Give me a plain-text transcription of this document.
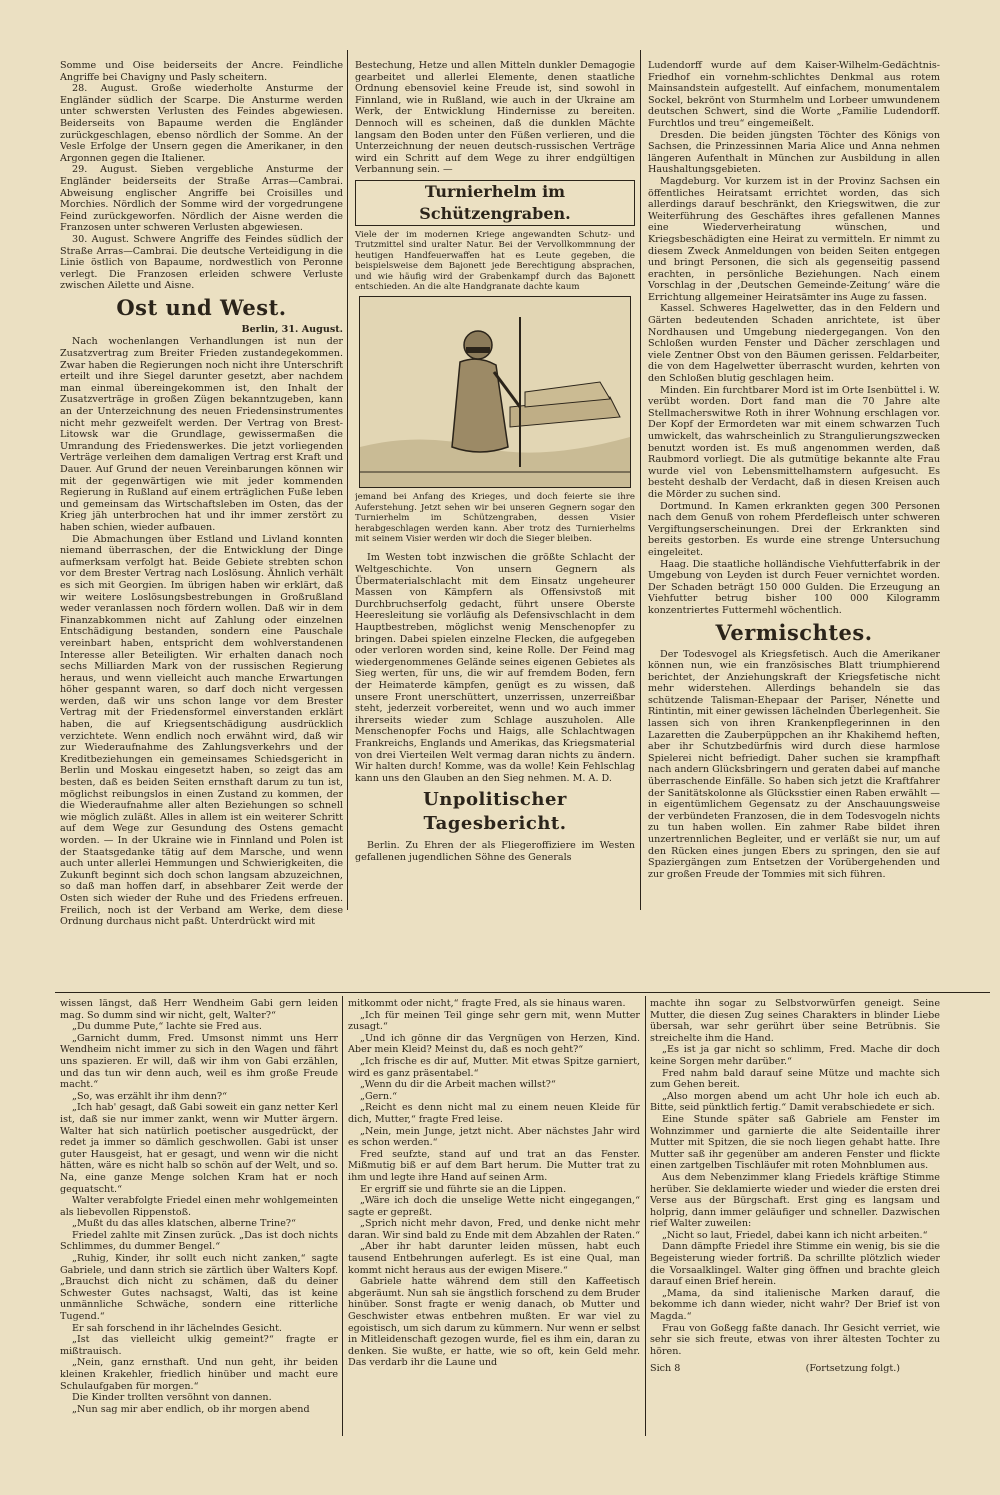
Somme und Oise beiderseits der Ancre. Feindliche Angriffe bei Chavigny und Pasly scheitern.

28. August. Große wiederholte Ansturme der Engländer südlich der Scarpe. Die Ansturme werden unter schwersten Verlusten des Feindes abgewiesen. Beiderseits von Bapaume werden die Engländer zurückgeschlagen, ebenso nördlich der Somme. An der Vesle Erfolge der Unsern gegen die Amerikaner, in den Argonnen gegen die Italiener.

29. August. Sieben vergebliche Ansturme der Engländer beiderseits der Straße Arras—Cambrai. Abweisung englischer Angriffe bei Croisilles und Morchies. Nördlich der Somme wird der vorgedrungene Feind zurückgeworfen. Nördlich der Aisne werden die Franzosen unter schweren Verlusten abgewiesen.

30. August. Schwere Angriffe des Feindes südlich der Straße Arras—Cambrai. Die deutsche Verteidigung in die Linie östlich von Bapaume, nordwestlich von Peronne verlegt. Die Franzosen erleiden schwere Verluste zwischen Ailette und Aisne.

Ost und West.
Berlin, 31. August.

Nach wochenlangen Verhandlungen ist nun der Zusatzvertrag zum Breiter Frieden zustandegekommen. Zwar haben die Regierungen noch nicht ihre Unterschrift erteilt und ihre Siegel darunter gesetzt, aber nachdem man einmal übereingekommen ist, den Inhalt der Zusatzverträge in großen Zügen bekanntzugeben, kann an der Unterzeichnung des neuen Friedensinstrumentes nicht mehr gezweifelt werden. Der Vertrag von Brest-Litowsk war die Grundlage, gewissermaßen die Umrandung des Friedenswerkes. Die jetzt vorliegenden Verträge verleihen dem damaligen Vertrag erst Kraft und Dauer. Auf Grund der neuen Vereinbarungen können wir mit der gegenwärtigen wie mit jeder kommenden Regierung in Rußland auf einem erträglichen Fuße leben und gemeinsam das Wirtschaftsleben im Osten, das der Krieg jäh unterbrochen hat und ihr immer zerstört zu haben schien, wieder aufbauen.

Die Abmachungen über Estland und Livland konnten niemand überraschen, der die Entwicklung der Dinge aufmerksam verfolgt hat. Beide Gebiete strebten schon vor dem Brester Vertrag nach Loslösung. Ähnlich verhält es sich mit Georgien. Im übrigen haben wir erklärt, daß wir weitere Loslösungsbestrebungen in Großrußland weder veranlassen noch fördern wollen. Daß wir in dem Finanzabkommen nicht auf Zahlung oder einzelnen Entschädigung bestanden, sondern eine Pauschale vereinbart haben, entspricht dem wohlverstandenen Interesse aller Beteiligten. Wir erhalten danach noch sechs Milliarden Mark von der russischen Regierung heraus, und wenn vielleicht auch manche Erwartungen höher gespannt waren, so darf doch nicht vergessen werden, daß wir uns schon lange vor dem Brester Vertrag mit der Friedensformel einverstanden erklärt haben, die auf Kriegsentschädigung ausdrücklich verzichtete. Wenn endlich noch erwähnt wird, daß wir zur Wiederaufnahme des Zahlungsverkehrs und der Kreditbeziehungen ein gemeinsames Schiedsgericht in Berlin und Moskau eingesetzt haben, so zeigt das am besten, daß es beiden Seiten ernsthaft darum zu tun ist, möglichst reibungslos in einen Zustand zu kommen, der die Wiederaufnahme aller alten Beziehungen so schnell wie möglich zuläßt. Alles in allem ist ein weiterer Schritt auf dem Wege zur Gesundung des Ostens gemacht worden. — In der Ukraine wie in Finnland und Polen ist der Staatsgedanke tätig auf dem Marsche, und wenn auch unter allerlei Hemmungen und Schwierigkeiten, die Zukunft beginnt sich doch schon langsam abzuzeichnen, so daß man hoffen darf, in absehbarer Zeit werde der Osten sich wieder der Ruhe und des Friedens erfreuen. Freilich, noch ist der Verband am Werke, dem diese Ordnung durchaus nicht paßt. Unterdrückt wird mit

Bestechung, Hetze und allen Mitteln dunkler Demagogie gearbeitet und allerlei Elemente, denen staatliche Ordnung ebensoviel keine Freude ist, sind sowohl in Finnland, wie in Rußland, wie auch in der Ukraine am Werk, der Entwicklung Hindernisse zu bereiten. Dennoch will es scheinen, daß die dunklen Mächte langsam den Boden unter den Füßen verlieren, und die Unterzeichnung der neuen deutsch-russischen Verträge wird ein Schritt auf dem Wege zu ihrer endgültigen Verbannung sein. —

Turnierhelm im Schützengraben.

Viele der im modernen Kriege angewandten Schutz- und Trutzmittel sind uralter Natur. Bei der Vervollkommnung der heutigen Handfeuerwaffen hat es Leute gegeben, die beispielsweise dem Bajonett jede Berechtigung absprachen, und wie häufig wird der Grabenkampf durch das Bajonett entschieden. An die alte Handgranate dachte kaum

jemand bei Anfang des Krieges, und doch feierte sie ihre Auferstehung. Jetzt sehen wir bei unseren Gegnern sogar den Turnierhelm im Schützengraben, dessen Visier herabgeschlagen werden kann. Aber trotz des Turnierhelms mit seinem Visier werden wir doch die Sieger bleiben.

Im Westen tobt inzwischen die größte Schlacht der Weltgeschichte. Von unsern Gegnern als Übermaterialschlacht mit dem Einsatz ungeheurer Massen von Kämpfern als Offensivstoß mit Durchbruchserfolg gedacht, führt unsere Oberste Heeresleitung sie vorläufig als Defensivschlacht in dem Hauptbestreben, möglichst wenig Menschenopfer zu bringen. Dabei spielen einzelne Flecken, die aufgegeben oder verloren worden sind, keine Rolle. Der Feind mag wiedergenommenes Gelände seines eigenen Gebietes als Sieg werten, für uns, die wir auf fremdem Boden, fern der Heimaterde kämpfen, genügt es zu wissen, daß unsere Front unerschüttert, unzerrissen, unzerreißbar steht, jederzeit vorbereitet, wenn und wo auch immer ihrerseits wieder zum Schlage auszuholen. Alle Menschenopfer Fochs und Haigs, alle Schlachtwagen Frankreichs, Englands und Amerikas, das Kriegsmaterial von drei Vierteilen Welt vermag daran nichts zu ändern. Wir halten durch! Komme, was da wolle! Kein Fehlschlag kann uns den Glauben an den Sieg nehmen. M. A. D.

Unpolitischer Tagesbericht.

Berlin. Zu Ehren der als Fliegeroffiziere im Westen gefallenen jugendlichen Söhne des Generals

Ludendorff wurde auf dem Kaiser-Wilhelm-Gedächtnis-Friedhof ein vornehm-schlichtes Denkmal aus rotem Mainsandstein aufgestellt. Auf einfachem, monumentalem Sockel, bekrönt von Sturmhelm und Lorbeer umwundenem deutschen Schwert, sind die Worte „Familie Ludendorff. Furchtlos und treu“ eingemeißelt.

Dresden. Die beiden jüngsten Töchter des Königs von Sachsen, die Prinzessinnen Maria Alice und Anna nehmen längeren Aufenthalt in München zur Ausbildung in allen Haushaltungsgebieten.

Magdeburg. Vor kurzem ist in der Provinz Sachsen ein öffentliches Heiratsamt errichtet worden, das sich allerdings darauf beschränkt, den Kriegswitwen, die zur Weiterführung des Geschäftes ihres gefallenen Mannes eine Wiederverheiratung wünschen, und Kriegsbeschädigten eine Heirat zu vermitteln. Er nimmt zu diesem Zweck Anmeldungen von beiden Seiten entgegen und bringt Personen, die sich als gegenseitig passend erachten, in persönliche Beziehungen. Nach einem Vorschlag in der ‚Deutschen Gemeinde-Zeitung‘ wäre die Errichtung allgemeiner Heiratsämter ins Auge zu fassen.

Kassel. Schweres Hagelwetter, das in den Feldern und Gärten bedeutenden Schaden anrichtete, ist über Nordhausen und Umgebung niedergegangen. Von den Schloßen wurden Fenster und Dächer zerschlagen und viele Zentner Obst von den Bäumen gerissen. Feldarbeiter, die von dem Hagelwetter überrascht wurden, kehrten von den Schloßen blutig geschlagen heim.

Minden. Ein furchtbarer Mord ist im Orte Isenbüttel i. W. verübt worden. Dort fand man die 70 Jahre alte Stellmacherswitwe Roth in ihrer Wohnung erschlagen vor. Der Kopf der Ermordeten war mit einem schwarzen Tuch umwickelt, das wahrscheinlich zu Strangulierungszwecken benutzt worden ist. Es muß angenommen werden, daß Raubmord vorliegt. Die als gutmütige bekannte alte Frau wurde viel von Lebensmittelhamstern aufgesucht. Es besteht deshalb der Verdacht, daß in diesen Kreisen auch die Mörder zu suchen sind.

Dortmund. In Kamen erkrankten gegen 300 Personen nach dem Genuß von rohem Pferdefleisch unter schweren Vergiftungserscheinungen. Drei der Erkrankten sind bereits gestorben. Es wurde eine strenge Untersuchung eingeleitet.

Haag. Die staatliche holländische Viehfutterfabrik in der Umgebung von Leyden ist durch Feuer vernichtet worden. Der Schaden beträgt 150 000 Gulden. Die Erzeugung an Viehfutter betrug bisher 100 000 Kilogramm konzentriertes Futtermehl wöchentlich.

Vermischtes.

Der Todesvogel als Kriegsfetisch. Auch die Amerikaner können nun, wie ein französisches Blatt triumphierend berichtet, der Anziehungskraft der Kriegsfetische nicht mehr widerstehen. Allerdings behandeln sie das schützende Talisman-Ehepaar der Pariser, Nénette und Rintintin, mit einer gewissen lächelnden Überlegenheit. Sie lassen sich von ihren Krankenpflegerinnen in den Lazaretten die Zauberpüppchen an ihr Khakihemd heften, aber ihr Schutzbedürfnis wird durch diese harmlose Spielerei nicht befriedigt. Daher suchen sie krampfhaft nach andern Glücksbringern und geraten dabei auf manche überraschende Einfälle. So haben sich jetzt die Kraftfahrer der Sanitätskolonne als Glücksstier einen Raben erwählt — in eigentümlichem Gegensatz zu der Anschauungsweise der verbündeten Franzosen, die in dem Todesvogeln nichts zu tun haben wollen. Ein zahmer Rabe bildet ihren unzertrennlichen Begleiter, und er verläßt sie nur, um auf den Rücken eines jungen Ebers zu springen, den sie auf Spaziergängen zum Entsetzen der Vorübergehenden und zur großen Freude der Tommies mit sich führen.

wissen längst, daß Herr Wendheim Gabi gern leiden mag. So dumm sind wir nicht, gelt, Walter?“

„Du dumme Pute,“ lachte sie Fred aus.

„Garnicht dumm, Fred. Umsonst nimmt uns Herr Wendheim nicht immer zu sich in den Wagen und fährt uns spazieren. Er will, daß wir ihm von Gabi erzählen, und das tun wir denn auch, weil es ihm große Freude macht.“

„So, was erzählt ihr ihm denn?“

„Ich hab' gesagt, daß Gabi soweit ein ganz netter Kerl ist, daß sie nur immer zankt, wenn wir Mutter ärgern. Walter hat sich natürlich poetischer ausgedrückt, der redet ja immer so dämlich geschwollen. Gabi ist unser guter Hausgeist, hat er gesagt, und wenn wir die nicht hätten, wäre es nicht halb so schön auf der Welt, und so. Na, eine ganze Menge solchen Kram hat er noch gequatscht.“

Walter verabfolgte Friedel einen mehr wohlgemeinten als liebevollen Rippenstoß.

„Mußt du das alles klatschen, alberne Trine?“

Friedel zahlte mit Zinsen zurück. „Das ist doch nichts Schlimmes, du dummer Bengel.“

„Ruhig, Kinder, ihr sollt euch nicht zanken,“ sagte Gabriele, und dann strich sie zärtlich über Walters Kopf. „Brauchst dich nicht zu schämen, daß du deiner Schwester Gutes nachsagst, Walti, das ist keine unmännliche Schwäche, sondern eine ritterliche Tugend.“

Er sah forschend in ihr lächelndes Gesicht.

„Ist das vielleicht ulkig gemeint?“ fragte er mißtrauisch.

„Nein, ganz ernsthaft. Und nun geht, ihr beiden kleinen Krakehler, friedlich hinüber und macht eure Schulaufgaben für morgen.“

Die Kinder trollten versöhnt von dannen.

„Nun sag mir aber endlich, ob ihr morgen abend

mitkommt oder nicht,“ fragte Fred, als sie hinaus waren.

„Ich für meinen Teil ginge sehr gern mit, wenn Mutter zusagt.“

„Und ich gönne dir das Vergnügen von Herzen, Kind. Aber mein Kleid? Meinst du, daß es noch geht?“

„Ich frische es dir auf, Mutter. Mit etwas Spitze garniert, wird es ganz präsentabel.“

„Wenn du dir die Arbeit machen willst?“

„Gern.“

„Reicht es denn nicht mal zu einem neuen Kleide für dich, Mutter,“ fragte Fred leise.

„Nein, mein Junge, jetzt nicht. Aber nächstes Jahr wird es schon werden.“

Fred seufzte, stand auf und trat an das Fenster. Mißmutig biß er auf dem Bart herum. Die Mutter trat zu ihm und legte ihre Hand auf seinen Arm.

Er ergriff sie und führte sie an die Lippen.

„Wäre ich doch die unselige Wette nicht eingegangen,“ sagte er gepreßt.

„Sprich nicht mehr davon, Fred, und denke nicht mehr daran. Wir sind bald zu Ende mit dem Abzahlen der Raten.“

„Aber ihr habt darunter leiden müssen, habt euch tausend Entbehrungen auferlegt. Es ist eine Qual, man kommt nicht heraus aus der ewigen Misere.“

Gabriele hatte während dem still den Kaffeetisch abgeräumt. Nun sah sie ängstlich forschend zu dem Bruder hinüber. Sonst fragte er wenig danach, ob Mutter und Geschwister etwas entbehren mußten. Er war viel zu egoistisch, um sich darum zu kümmern. Nur wenn er selbst in Mitleidenschaft gezogen wurde, fiel es ihm ein, daran zu denken. Sie wußte, er hatte, wie so oft, kein Geld mehr. Das verdarb ihr die Laune und

machte ihn sogar zu Selbstvorwürfen geneigt. Seine Mutter, die diesen Zug seines Charakters in blinder Liebe übersah, war sehr gerührt über seine Betrübnis. Sie streichelte ihm die Hand.

„Es ist ja gar nicht so schlimm, Fred. Mache dir doch keine Sorgen mehr darüber.“

Fred nahm bald darauf seine Mütze und machte sich zum Gehen bereit.

„Also morgen abend um acht Uhr hole ich euch ab. Bitte, seid pünktlich fertig.“ Damit verabschiedete er sich.

Eine Stunde später saß Gabriele am Fenster im Wohnzimmer und garnierte die alte Seidentaille ihrer Mutter mit Spitzen, die sie noch liegen gehabt hatte. Ihre Mutter saß ihr gegenüber am anderen Fenster und flickte einen zartgelben Tischläufer mit roten Mohnblumen aus.

Aus dem Nebenzimmer klang Friedels kräftige Stimme herüber. Sie deklamierte wieder und wieder die ersten drei Verse aus der Bürgschaft. Erst ging es langsam und holprig, dann immer geläufiger und schneller. Dazwischen rief Walter zuweilen:

„Nicht so laut, Friedel, dabei kann ich nicht arbeiten.“

Dann dämpfte Friedel ihre Stimme ein wenig, bis sie die Begeisterung wieder fortriß. Da schrillte plötzlich wieder die Vorsaalklingel. Walter ging öffnen und brachte gleich darauf einen Brief herein.

„Mama, da sind italienische Marken darauf, die bekomme ich dann wieder, nicht wahr? Der Brief ist von Magda.“

Frau von Goßegg faßte danach. Ihr Gesicht verriet, wie sehr sie sich freute, etwas von ihrer ältesten Tochter zu hören.

Sich 8	(Fortsetzung folgt.)
